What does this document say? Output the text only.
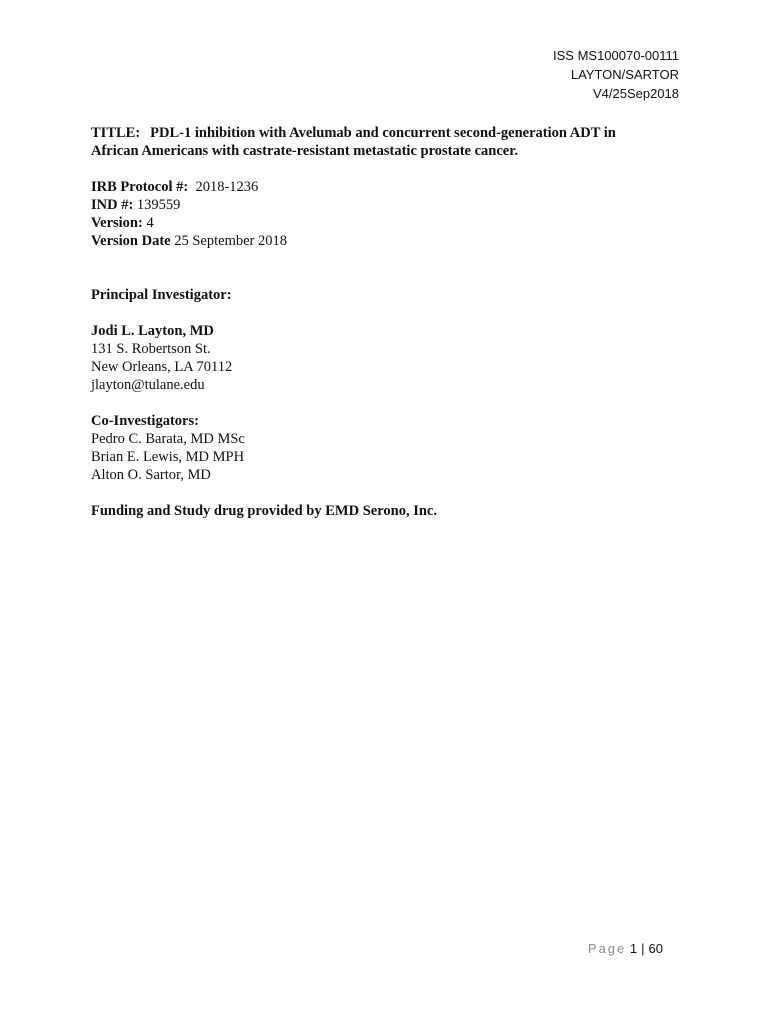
ISS MS100070-00111
LAYTON/SARTOR
V4/25Sep2018
TITLE: PDL-1 inhibition with Avelumab and concurrent second-generation ADT in
African Americans with castrate-resistant metastatic prostate cancer.
IRB Protocol #: 2018-1236
IND #: 139559
Version: 4
Version Date 25 September 2018
Principal Investigator:
Jodi L. Layton, MD
131 S. Robertson St.
New Orleans, LA 70112
jlayton@tulane.edu
Co-Investigators:
Pedro C. Barata, MD MSc
Brian E. Lewis, MD MPH
Alton O. Sartor, MD
Funding and Study drug provided by EMD Serono, Inc.
Page 1 | 60
